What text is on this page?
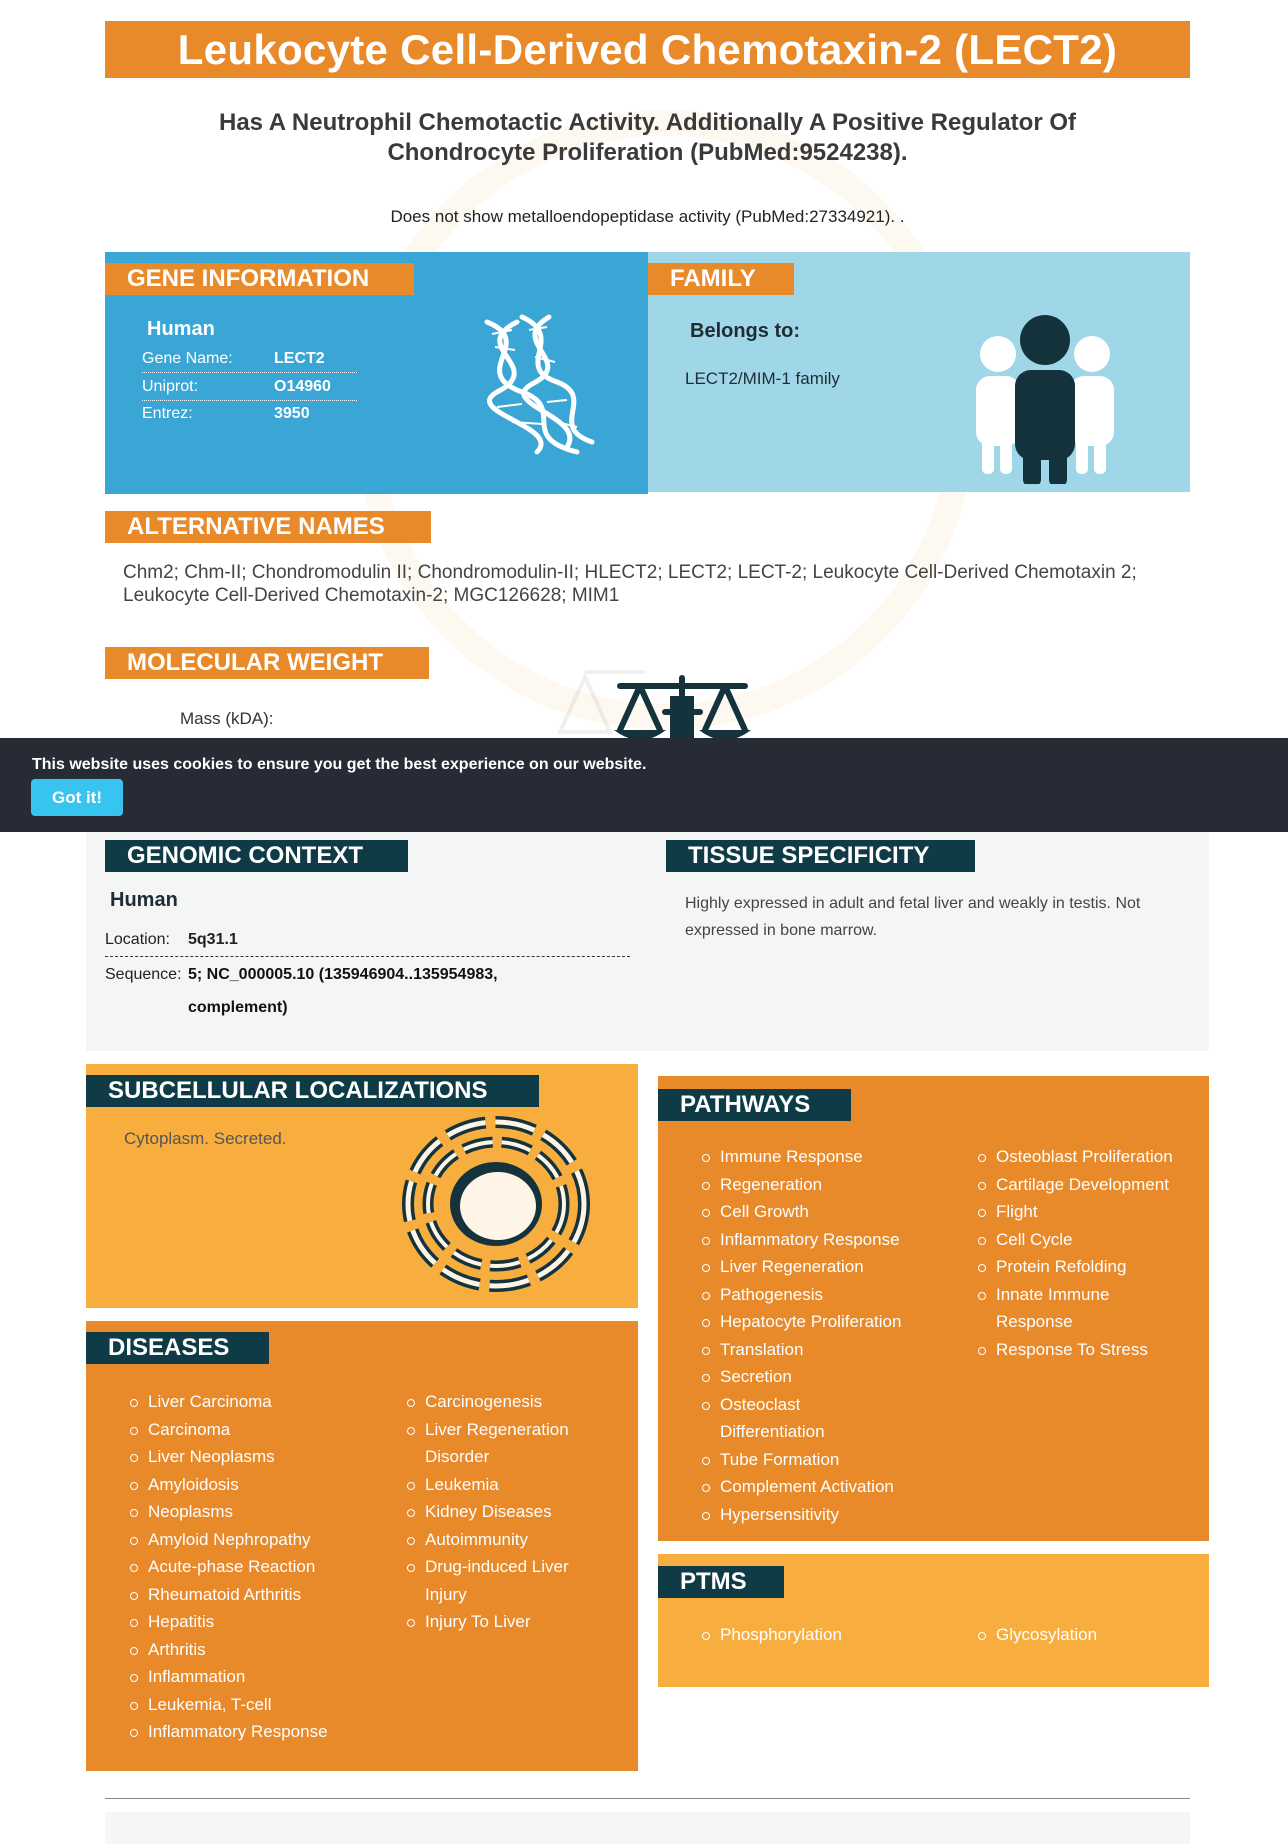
Leukocyte Cell-Derived Chemotaxin-2 (LECT2)
Has A Neutrophil Chemotactic Activity. Additionally A Positive Regulator Of Chondrocyte Proliferation (PubMed:9524238).
Does not show metalloendopeptidase activity (PubMed:27334921). .
GENE INFORMATION	FAMILY
Human
Gene Name:	LECT2
Uniprot:	O14960
Entrez:	3950
Belongs to:
LECT2/MIM-1 family
ALTERNATIVE NAMES
Chm2; Chm-II; Chondromodulin II; Chondromodulin-II; HLECT2; LECT2; LECT-2; Leukocyte Cell-Derived Chemotaxin 2; Leukocyte Cell-Derived Chemotaxin-2; MGC126628; MIM1
MOLECULAR WEIGHT
Mass (kDA):
This website uses cookies to ensure you get the best experience on our website.
Got it!
GENOMIC CONTEXT	TISSUE SPECIFICITY
Human
Location: 5q31.1
Sequence: 5; NC_000005.10 (135946904..135954983, complement)
Highly expressed in adult and fetal liver and weakly in testis. Not expressed in bone marrow.
SUBCELLULAR LOCALIZATIONS
Cytoplasm. Secreted.
DISEASES
Liver Carcinoma
Carcinoma
Liver Neoplasms
Amyloidosis
Neoplasms
Amyloid Nephropathy
Acute-phase Reaction
Rheumatoid Arthritis
Hepatitis
Arthritis
Inflammation
Leukemia, T-cell
Inflammatory Response
Carcinogenesis
Liver Regeneration Disorder
Leukemia
Kidney Diseases
Autoimmunity
Drug-induced Liver Injury
Injury To Liver
PATHWAYS
Immune Response
Regeneration
Cell Growth
Inflammatory Response
Liver Regeneration
Pathogenesis
Hepatocyte Proliferation
Translation
Secretion
Osteoclast Differentiation
Tube Formation
Complement Activation
Hypersensitivity
Osteoblast Proliferation
Cartilage Development
Flight
Cell Cycle
Protein Refolding
Innate Immune Response
Response To Stress
PTMS
Phosphorylation	Glycosylation
